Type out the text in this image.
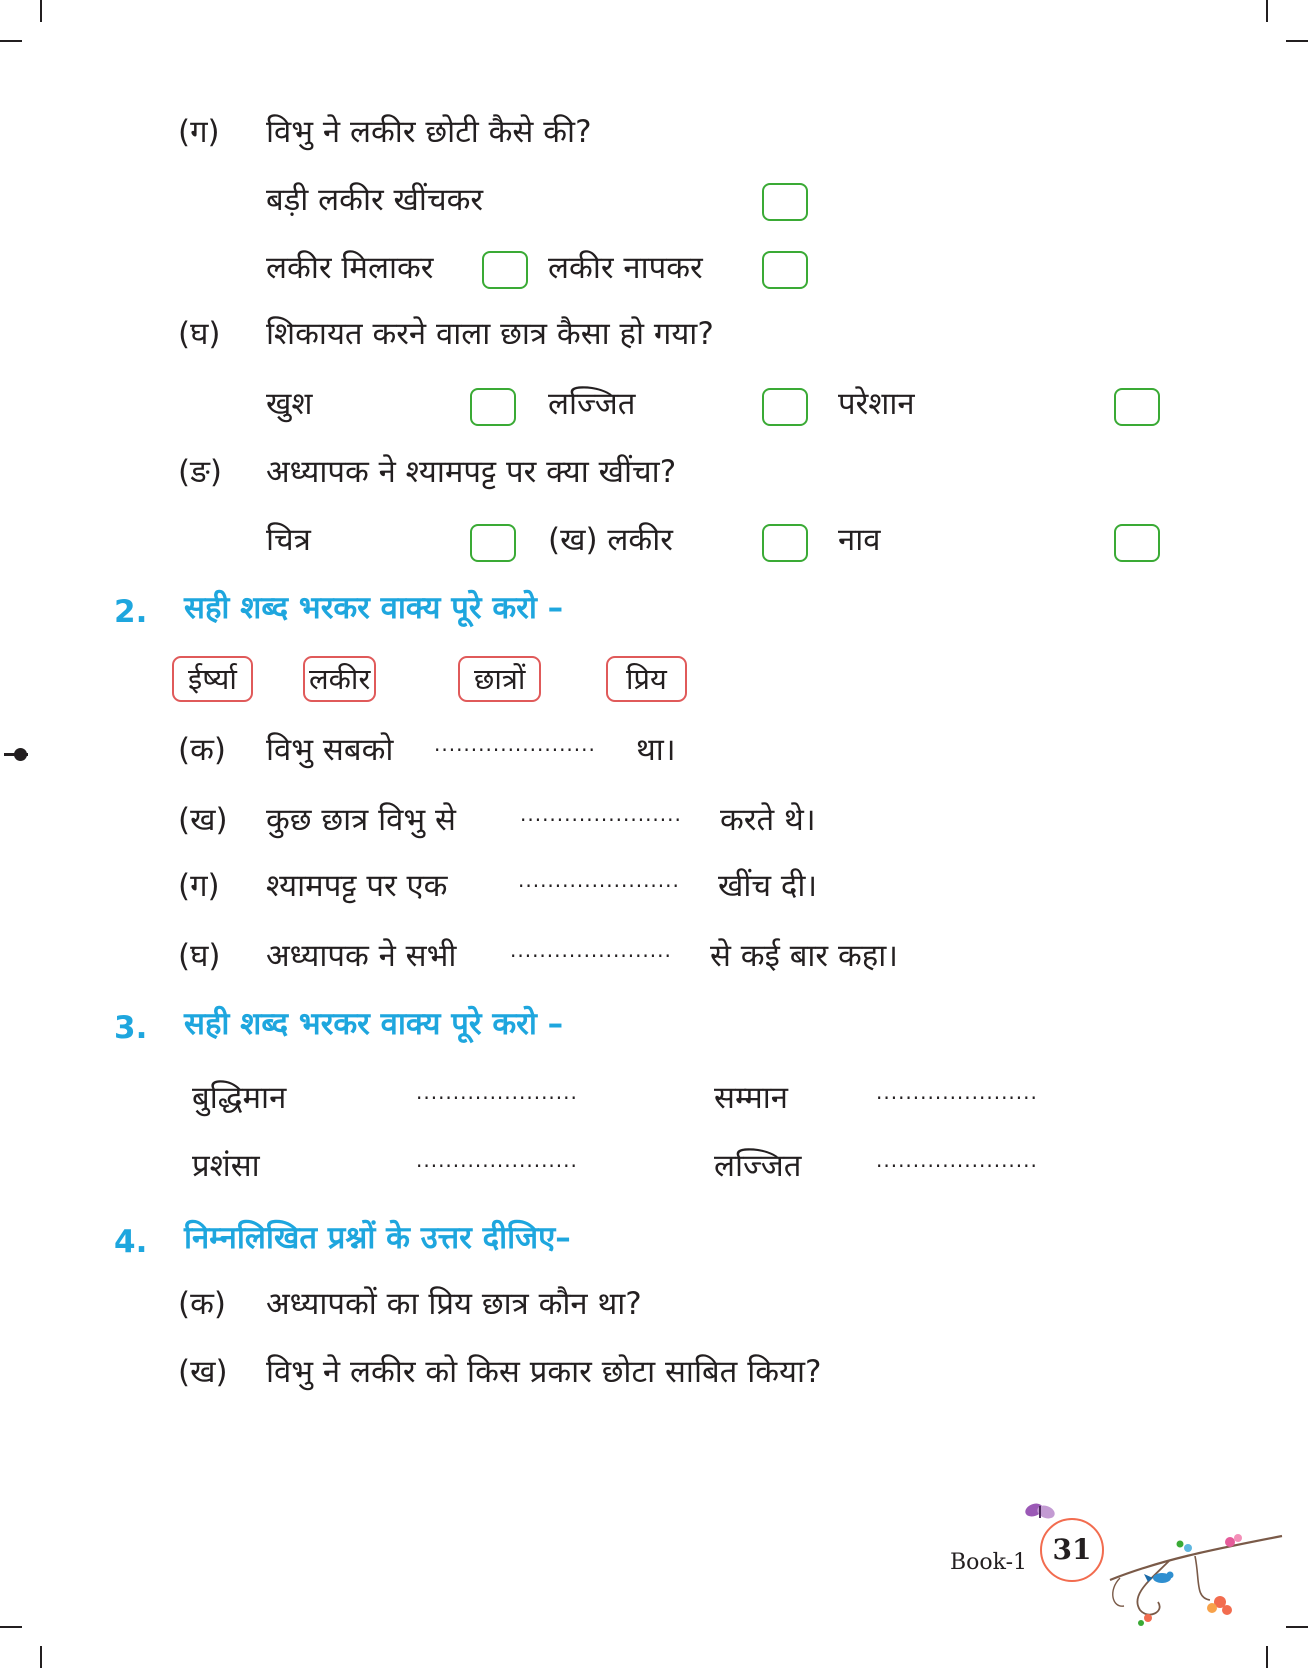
(ग) विभु ने लकीर छोटी कैसे की?
बड़ी लकीर खींचकर
लकीर मिलाकर	लकीर नापकर
(घ) शिकायत करने वाला छात्र कैसा हो गया?
खुश	लज्जित	परेशान
(ङ) अध्यापक ने श्यामपट्ट पर क्या खींचा?
चित्र	(ख) लकीर	नाव
2. सही शब्द भरकर वाक्य पूरे करो –
ईर्ष्या	लकीर	छात्रों	प्रिय
(क) विभु सबको ...................... था।
(ख) कुछ छात्र विभु से	...................... करते थे।
(ग) श्यामपट्ट पर एक	...................... खींच दी।
(घ) अध्यापक ने सभी	...................... से कई बार कहा।
3. सही शब्द भरकर वाक्य पूरे करो –
बुद्धिमान	......................	सम्मान	......................
प्रशंसा	......................	लज्जित	......................
4. निम्नलिखित प्रश्नों के उत्तर दीजिए–
(क) अध्यापकों का प्रिय छात्र कौन था?
(ख) विभु ने लकीर को किस प्रकार छोटा साबित किया?
Book-1 31
